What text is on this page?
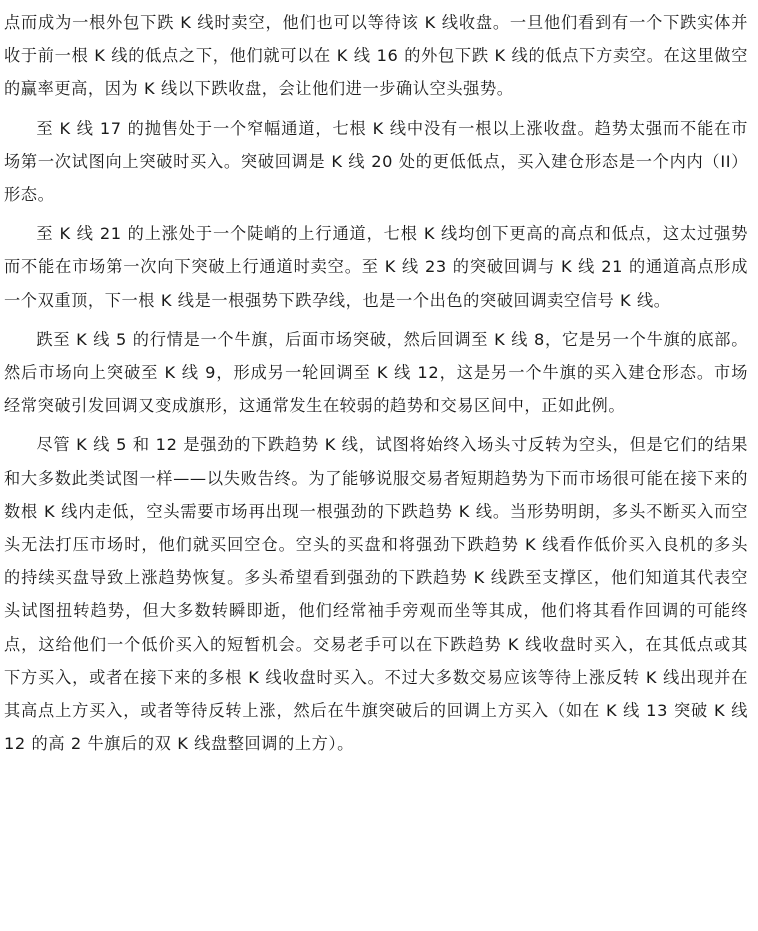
点而成为一根外包下跌 K 线时卖空，他们也可以等待该 K 线收盘。一旦他们看到有一个下跌实体并收于前一根 K 线的低点之下，他们就可以在 K 线 16 的外包下跌 K 线的低点下方卖空。在这里做空的赢率更高，因为 K 线以下跌收盘，会让他们进一步确认空头强势。

至 K 线 17 的抛售处于一个窄幅通道，七根 K 线中没有一根以上涨收盘。趋势太强而不能在市场第一次试图向上突破时买入。突破回调是 K 线 20 处的更低低点，买入建仓形态是一个内内（II）形态。

至 K 线 21 的上涨处于一个陡峭的上行通道，七根 K 线均创下更高的高点和低点，这太过强势而不能在市场第一次向下突破上行通道时卖空。至 K 线 23 的突破回调与 K 线 21 的通道高点形成一个双重顶，下一根 K 线是一根强势下跌孕线，也是一个出色的突破回调卖空信号 K 线。

跌至 K 线 5 的行情是一个牛旗，后面市场突破，然后回调至 K 线 8，它是另一个牛旗的底部。然后市场向上突破至 K 线 9，形成另一轮回调至 K 线 12，这是另一个牛旗的买入建仓形态。市场经常突破引发回调又变成旗形，这通常发生在较弱的趋势和交易区间中，正如此例。

尽管 K 线 5 和 12 是强劲的下跌趋势 K 线，试图将始终入场头寸反转为空头，但是它们的结果和大多数此类试图一样——以失败告终。为了能够说服交易者短期趋势为下而市场很可能在接下来的数根 K 线内走低，空头需要市场再出现一根强劲的下跌趋势 K 线。当形势明朗，多头不断买入而空头无法打压市场时，他们就买回空仓。空头的买盘和将强劲下跌趋势 K 线看作低价买入良机的多头的持续买盘导致上涨趋势恢复。多头希望看到强劲的下跌趋势 K 线跌至支撑区，他们知道其代表空头试图扭转趋势，但大多数转瞬即逝，他们经常袖手旁观而坐等其成，他们将其看作回调的可能终点，这给他们一个低价买入的短暂机会。交易老手可以在下跌趋势 K 线收盘时买入，在其低点或其下方买入，或者在接下来的多根 K 线收盘时买入。不过大多数交易应该等待上涨反转 K 线出现并在其高点上方买入，或者等待反转上涨，然后在牛旗突破后的回调上方买入（如在 K 线 13 突破 K 线 12 的高 2 牛旗后的双 K 线盘整回调的上方）。
